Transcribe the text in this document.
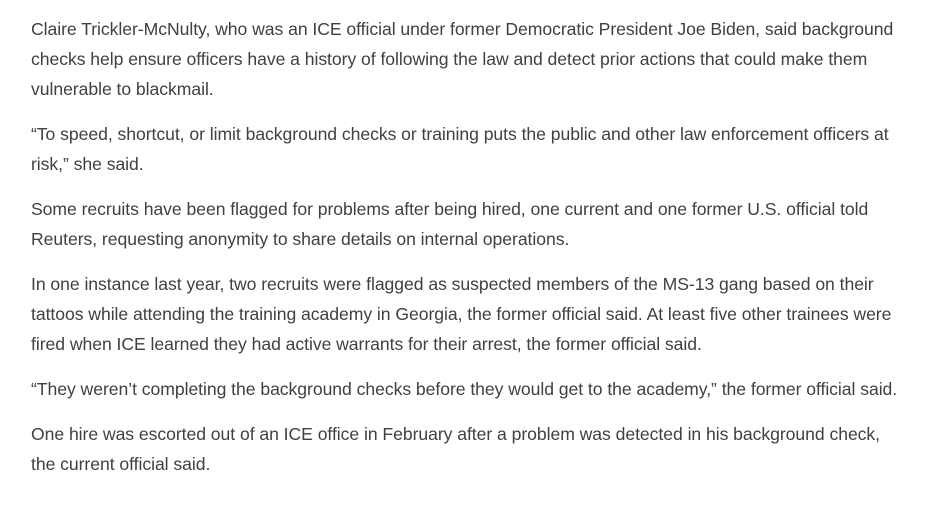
Claire Trickler-McNulty, who was an ICE official under former Democratic President Joe Biden, said background checks help ensure officers have a history of following the law and detect prior actions that could make them vulnerable to blackmail.

“To speed, shortcut, or limit background checks or training puts the public and other law enforcement officers at risk,” she said.

Some recruits have been flagged for problems after being hired, one current and one former U.S. official told Reuters, requesting anonymity to share details on internal operations.

In one instance last year, two recruits were flagged as suspected members of the MS-13 gang based on their tattoos while attending the training academy in Georgia, the former official said. At least five other trainees were fired when ICE learned they had active warrants for their arrest, the former official said.

“They weren’t completing the background checks before they would get to the academy,” the former official said.

One hire was escorted out of an ICE office in February after a problem was detected in his background check, the current official said.
